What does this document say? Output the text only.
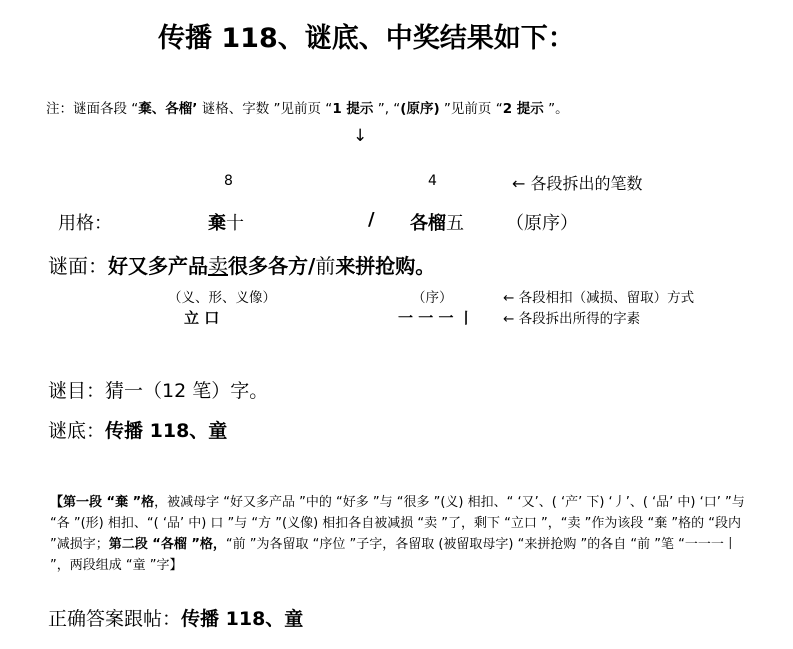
传播 118、谜底、中奖结果如下：
注：谜面各段 “棄、各榴’ 谜格、字数 ”见前页 “1 提示 ”, “(原序) ”见前页 “2 提示 ”。
↓
8	4	← 各段拆出的笔数
用格：	棄十	/ 各榴五 （原序）
谜面：好又多产品卖很多各方/前来拼抢购。
（义、形、义像）	（序）	← 各段相扣（减损、留取）方式
立 口	一 一 一 丨 ← 各段拆出所得的字素
谜目：猜一（12 笔）字。
谜底：传播 118、童

【第一段 “棄 ”格，被减母字 “好又多产品 ”中的 “好多 ”与 “很多 ”(义) 相扣、“ ‘又’、( ‘产’ 下) ‘丿’、( ‘品’ 中) ‘口’ ”与 “各 ”(形) 相扣、“( ‘品’ 中) 口 ”与 “方 ”(义像) 相扣各自被减损 “卖 ”了，剩下 “立口 ”，“卖 ”作为该段 “棄 ”格的 “段内 ”减损字；第二段 “各榴 ”格，“前 ”为各留取 “序位 ”子字，各留取 (被留取母字) “来拼抢购 ”的各自 “前 ”笔 “一一一丨 ”，两段组成 “童 ”字】

正确答案跟帖：传播 118、童
